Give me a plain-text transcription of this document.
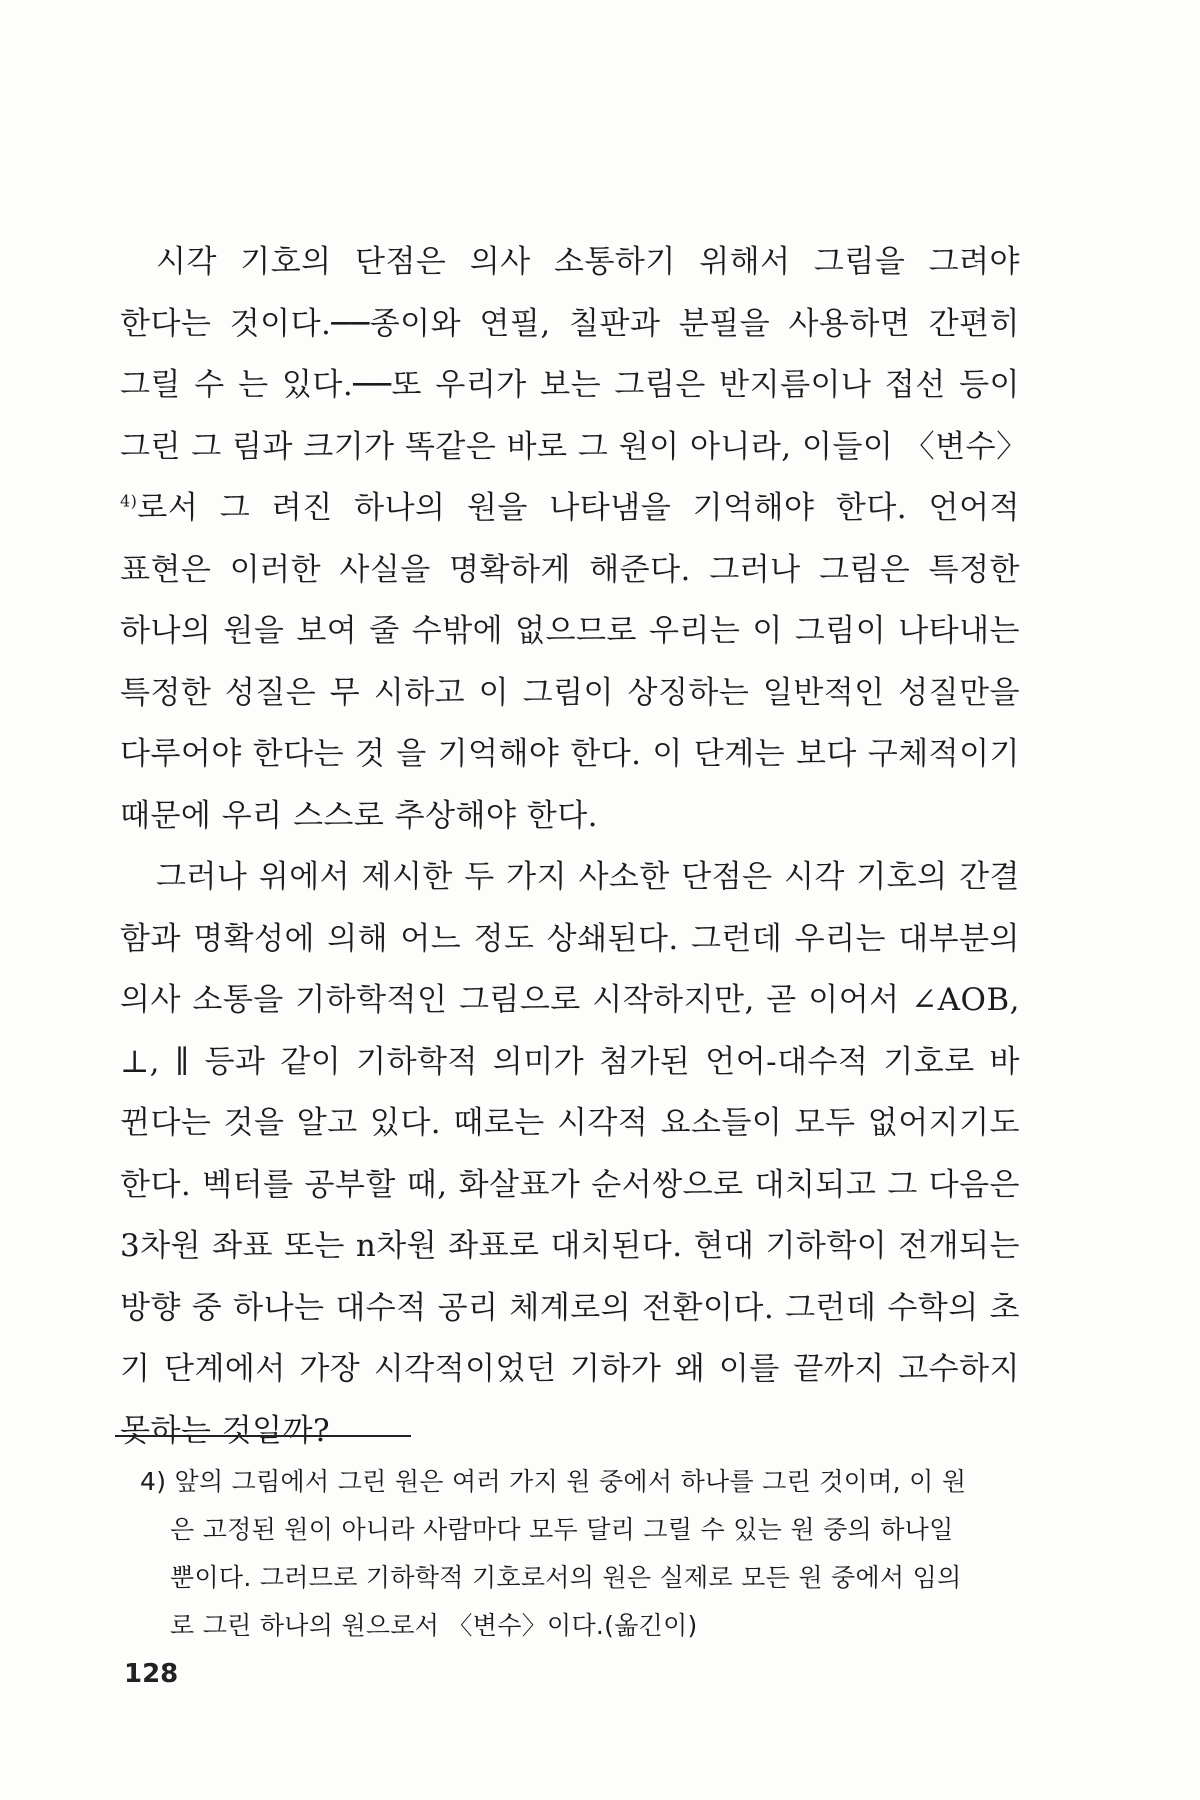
시각 기호의 단점은 의사 소통하기 위해서 그림을 그려야 한다는 것이다.──종이와 연필, 칠판과 분필을 사용하면 간편히 그릴 수 는 있다.──또 우리가 보는 그림은 반지름이나 접선 등이 그린 그 림과 크기가 똑같은 바로 그 원이 아니라, 이들이 〈변수〉$^{4)}$로서 그 려진 하나의 원을 나타냄을 기억해야 한다. 언어적 표현은 이러한 사실을 명확하게 해준다. 그러나 그림은 특정한 하나의 원을 보여 줄 수밖에 없으므로 우리는 이 그림이 나타내는 특정한 성질은 무 시하고 이 그림이 상징하는 일반적인 성질만을 다루어야 한다는 것 을 기억해야 한다. 이 단계는 보다 구체적이기 때문에 우리 스스로 추상해야 한다.

그러나 위에서 제시한 두 가지 사소한 단점은 시각 기호의 간결 함과 명확성에 의해 어느 정도 상쇄된다. 그런데 우리는 대부분의 의사 소통을 기하학적인 그림으로 시작하지만, 곧 이어서 ∠AOB, ⊥, ∥ 등과 같이 기하학적 의미가 첨가된 언어-대수적 기호로 바 뀐다는 것을 알고 있다. 때로는 시각적 요소들이 모두 없어지기도 한다. 벡터를 공부할 때, 화살표가 순서쌍으로 대치되고 그 다음은 3차원 좌표 또는 n차원 좌표로 대치된다. 현대 기하학이 전개되는 방향 중 하나는 대수적 공리 체계로의 전환이다. 그런데 수학의 초 기 단계에서 가장 시각적이었던 기하가 왜 이를 끝까지 고수하지 못하는 것일까?

4) 앞의 그림에서 그린 원은 여러 가지 원 중에서 하나를 그린 것이며, 이 원
은 고정된 원이 아니라 사람마다 모두 달리 그릴 수 있는 원 중의 하나일
뿐이다. 그러므로 기하학적 기호로서의 원은 실제로 모든 원 중에서 임의
로 그린 하나의 원으로서 〈변수〉이다.(옮긴이)
128
